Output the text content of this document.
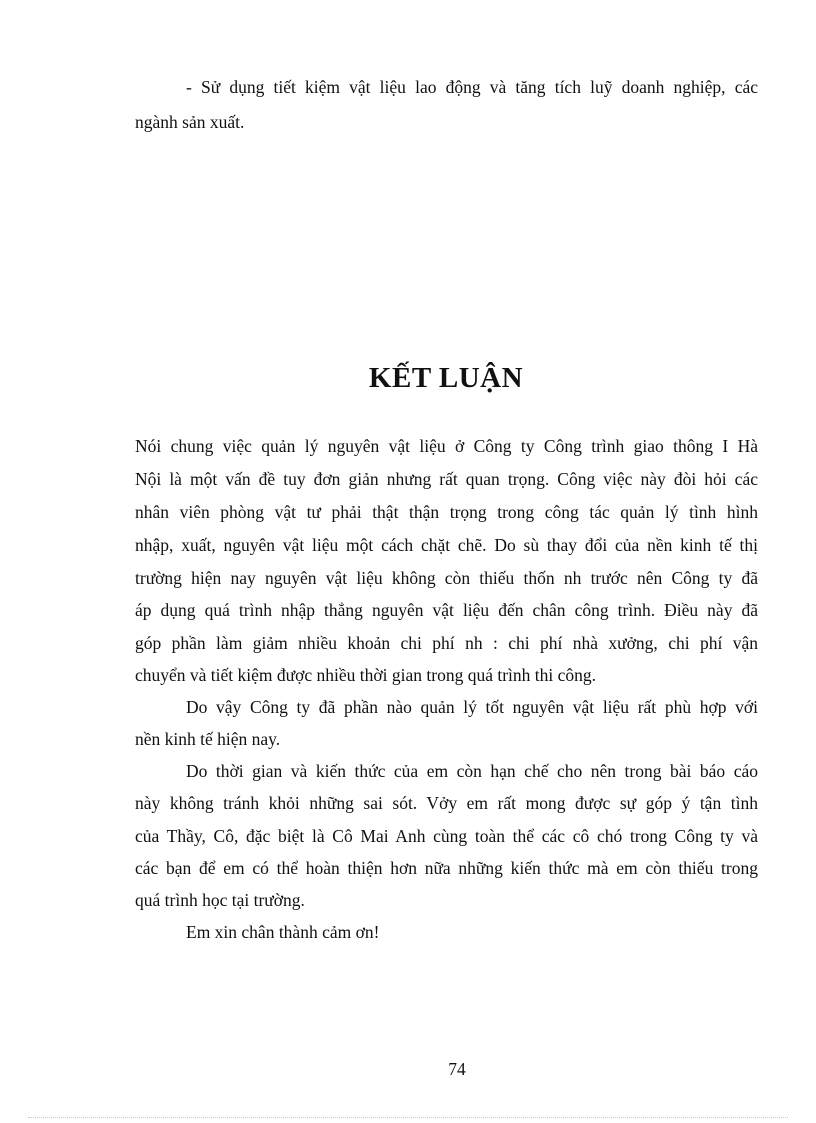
- Sử dụng tiết kiệm vật liệu lao động và tăng tích luỹ doanh nghiệp, các
ngành sản xuất.
KẾT LUẬN
Nói chung việc quản lý nguyên vật liệu ở Công ty Công trình giao thông I Hà
Nội là một vấn đề tuy đơn giản nhưng rất quan trọng. Công việc này đòi hỏi các
nhân viên phòng vật tư phải thật thận trọng trong công tác quản lý tình hình
nhập, xuất, nguyên vật liệu một cách chặt chẽ. Do sù thay đổi của nền kinh tế thị
trường hiện nay nguyên vật liệu không còn thiếu thốn nh trước nên Công ty đã
áp dụng quá trình nhập thẳng nguyên vật liệu đến chân công trình. Điều này đã
góp phần làm giảm nhiều khoản chi phí nh : chi phí nhà xưởng, chi phí vận
chuyển và tiết kiệm được nhiều thời gian trong quá trình thi công.
Do vậy Công ty đã phần nào quản lý tốt nguyên vật liệu rất phù hợp với
nền kinh tế hiện nay.
Do thời gian và kiến thức của em còn hạn chế cho nên trong bài báo cáo
này không tránh khỏi những sai sót. Vởy em rất mong được sự góp ý tận tình
của Thầy, Cô, đặc biệt là Cô Mai Anh cùng toàn thể các cô chó trong Công ty và
các bạn để em có thể hoàn thiện hơn nữa những kiến thức mà em còn thiếu trong
quá trình học tại trường.
Em xin chân thành cảm ơn!
74
